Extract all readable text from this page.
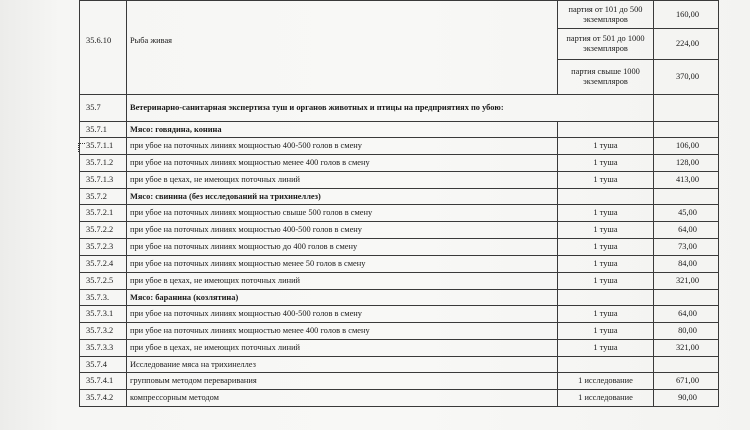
35.6.10	Рыба живая	партия от 101 до 500 экземпляров	160,00
		партия от 501 до 1000 экземпляров	224,00
		партия свыше 1000 экземпляров	370,00
35.7	Ветеринарно-санитарная экспертиза туш и органов животных и птицы на предприятиях по убою:		
35.7.1	Мясо: говядина, конина		
35.7.1.1	при убое на поточных линиях мощностью 400-500 голов в смену	1 туша	106,00
35.7.1.2	при убое на поточных линиях мощностью менее 400 голов в смену	1 туша	128,00
35.7.1.3	при убое в цехах, не имеющих поточных линий	1 туша	413,00
35.7.2	Мясо: свинина (без исследований на трихинеллез)		
35.7.2.1	при убое на поточных линиях мощностью свыше 500 голов в смену	1 туша	45,00
35.7.2.2	при убое на поточных линиях мощностью 400-500 голов в смену	1 туша	64,00
35.7.2.3	при убое на поточных линиях мощностью до 400 голов в смену	1 туша	73,00
35.7.2.4	при убое на поточных линиях мощностью менее 50 голов в смену	1 туша	84,00
35.7.2.5	при убое в цехах, не имеющих поточных линий	1 туша	321,00
35.7.3.	Мясо: баранина (козлятина)		
35.7.3.1	при убое на поточных линиях мощностью 400-500 голов в смену	1 туша	64,00
35.7.3.2	при убое на поточных линиях мощностью менее 400 голов в смену	1 туша	80,00
35.7.3.3	при убое в цехах, не имеющих поточных линий	1 туша	321,00
35.7.4	Исследование мяса на трихинеллез		
35.7.4.1	групповым методом переваривания	1 исследование	671,00
35.7.4.2	компрессорным методом	1 исследование	90,00
